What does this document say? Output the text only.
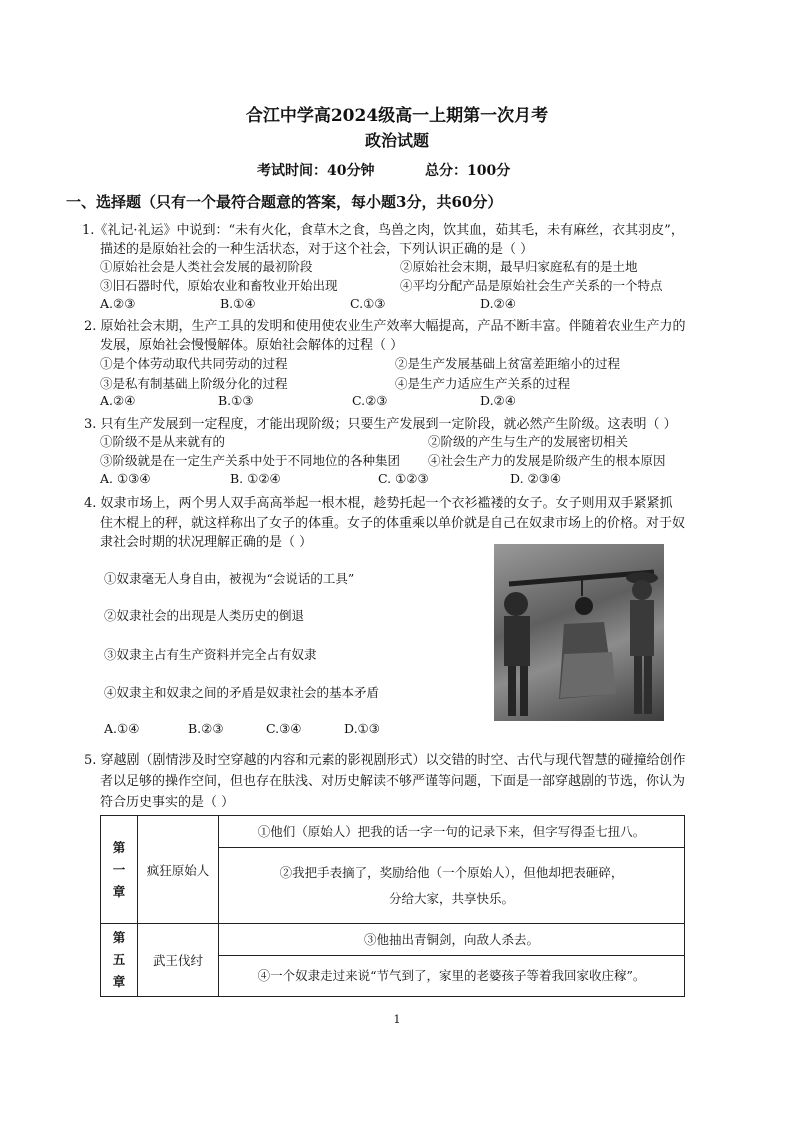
合江中学高2024级高一上期第一次月考
政治试题
考试时间：40分钟	总分：100分
一、选择题（只有一个最符合题意的答案，每小题3分，共60分）
1.《礼记·礼运》中说到：“未有火化，食草木之食，鸟兽之肉，饮其血，茹其毛，未有麻丝，衣其羽皮”，
描述的是原始社会的一种生活状态，对于这个社会，下列认识正确的是（ ）
①原始社会是人类社会发展的最初阶段	②原始社会末期，最早归家庭私有的是土地
③旧石器时代，原始农业和畜牧业开始出现	④平均分配产品是原始社会生产关系的一个特点
A.②③	B.①④	C.①③	D.②④
2. 原始社会末期，生产工具的发明和使用使农业生产效率大幅提高，产品不断丰富。伴随着农业生产力的
发展，原始社会慢慢解体。原始社会解体的过程（ ）
①是个体劳动取代共同劳动的过程	②是生产发展基础上贫富差距缩小的过程
③是私有制基础上阶级分化的过程	④是生产力适应生产关系的过程
A.②④	B.①③	C.②③	D.②④
3. 只有生产发展到一定程度，才能出现阶级；只要生产发展到一定阶段，就必然产生阶级。这表明（ ）
①阶级不是从来就有的	②阶级的产生与生产的发展密切相关
③阶级就是在一定生产关系中处于不同地位的各种集团 ④社会生产力的发展是阶级产生的根本原因
A. ①③④	B. ①②④	C. ①②③	D. ②③④
4. 奴隶市场上，两个男人双手高高举起一根木棍，趁势托起一个衣衫褴褛的女子。女子则用双手紧紧抓
住木棍上的秤，就这样称出了女子的体重。女子的体重乘以单价就是自己在奴隶市场上的价格。对于奴
隶社会时期的状况理解正确的是（ ）
①奴隶毫无人身自由，被视为“会说话的工具”
②奴隶社会的出现是人类历史的倒退
③奴隶主占有生产资料并完全占有奴隶
④奴隶主和奴隶之间的矛盾是奴隶社会的基本矛盾
A.①④	B.②③	C.③④	D.①③
5. 穿越剧（剧情涉及时空穿越的内容和元素的影视剧形式）以交错的时空、古代与现代智慧的碰撞给创作
者以足够的操作空间，但也存在肤浅、对历史解读不够严谨等问题，下面是一部穿越剧的节选，你认为
符合历史事实的是（ ）
第
一
章	疯狂原始人	①他们（原始人）把我的话一字一句的记录下来，但字写得歪七扭八。

		②我把手表摘了，奖励给他（一个原始人），但他却把表砸碎，
分给大家，共享快乐。

第
五
章	武王伐纣	③他抽出青铜剑，向敌人杀去。
		④一个奴隶走过来说“节气到了，家里的老婆孩子等着我回家收庄稼”。
1
